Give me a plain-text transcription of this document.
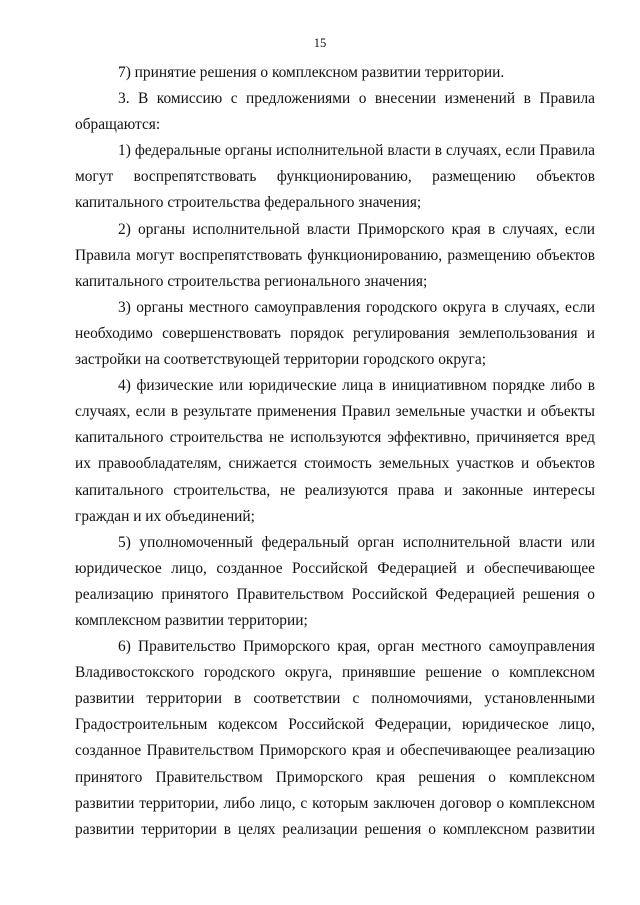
15

7) принятие решения о комплексном развитии территории.

3. В комиссию с предложениями о внесении изменений в Правила обращаются:

1) федеральные органы исполнительной власти в случаях, если Правила могут воспрепятствовать функционированию, размещению объектов капитального строительства федерального значения;

2) органы исполнительной власти Приморского края в случаях, если Правила могут воспрепятствовать функционированию, размещению объектов капитального строительства регионального значения;

3) органы местного самоуправления городского округа в случаях, если необходимо совершенствовать порядок регулирования землепользования и застройки на соответствующей территории городского округа;

4) физические или юридические лица в инициативном порядке либо в случаях, если в результате применения Правил земельные участки и объекты капитального строительства не используются эффективно, причиняется вред их правообладателям, снижается стоимость земельных участков и объектов капитального строительства, не реализуются права и законные интересы граждан и их объединений;

5) уполномоченный федеральный орган исполнительной власти или юридическое лицо, созданное Российской Федерацией и обеспечивающее реализацию принятого Правительством Российской Федерацией решения о комплексном развитии территории;

6) Правительство Приморского края, орган местного самоуправления Владивостокского городского округа, принявшие решение о комплексном развитии территории в соответствии с полномочиями, установленными Градостроительным кодексом Российской Федерации, юридическое лицо, созданное Правительством Приморского края и обеспечивающее реализацию принятого Правительством Приморского края решения о комплексном развитии территории, либо лицо, с которым заключен договор о комплексном развитии территории в целях реализации решения о комплексном развитии
